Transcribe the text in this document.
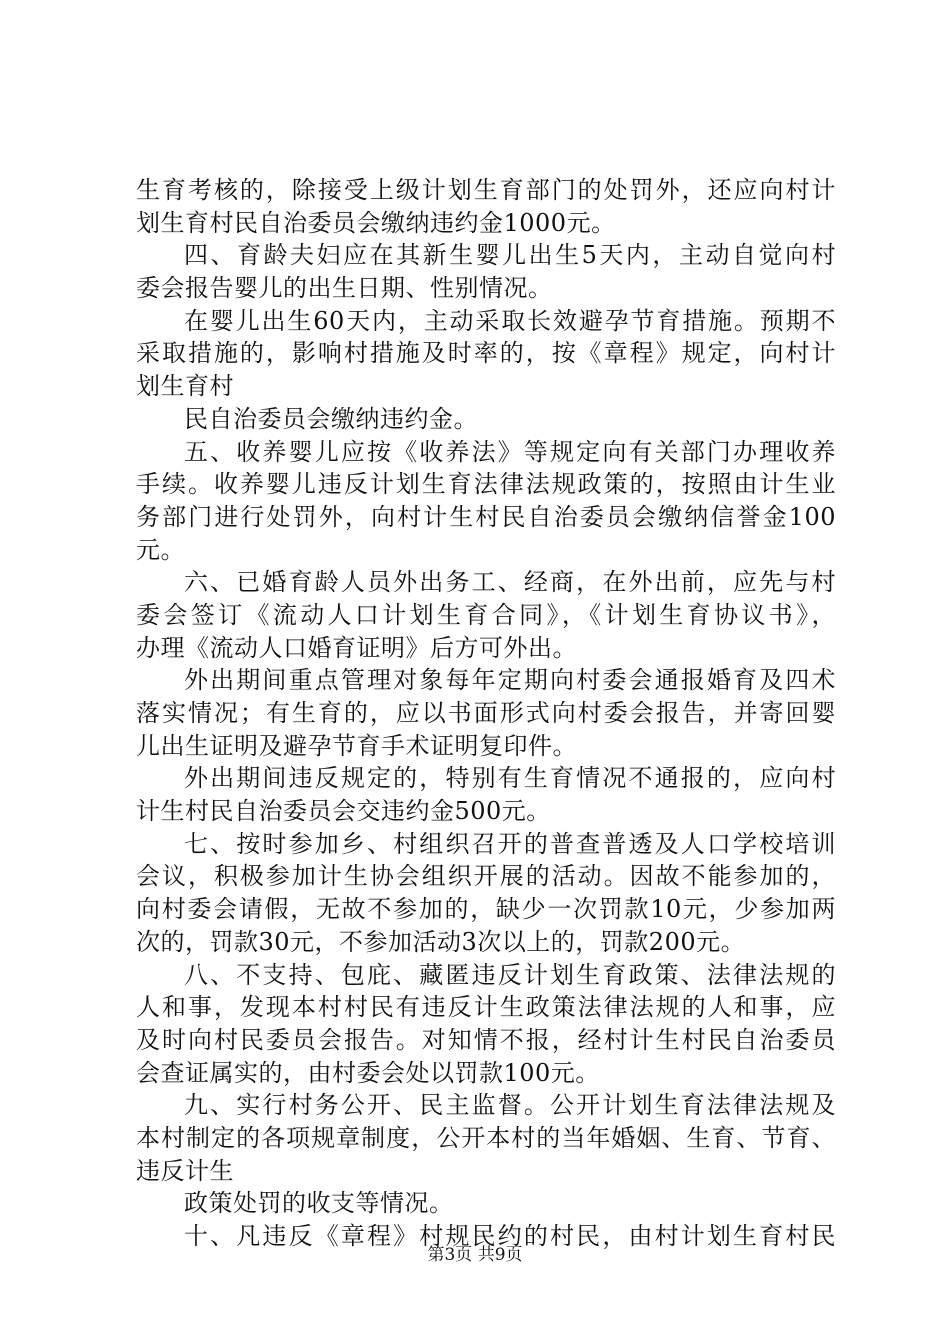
生育考核的，除接受上级计划生育部门的处罚外，还应向村计
划生育村民自治委员会缴纳违约金1000元。
四、育龄夫妇应在其新生婴儿出生5天内，主动自觉向村
委会报告婴儿的出生日期、性别情况。
在婴儿出生60天内，主动采取长效避孕节育措施。预期不
采取措施的，影响村措施及时率的，按《章程》规定，向村计
划生育村
民自治委员会缴纳违约金。
五、收养婴儿应按《收养法》等规定向有关部门办理收养
手续。收养婴儿违反计划生育法律法规政策的，按照由计生业
务部门进行处罚外，向村计生村民自治委员会缴纳信誉金100
元。
六、已婚育龄人员外出务工、经商，在外出前，应先与村
委会签订《流动人口计划生育合同》，《计划生育协议书》，
办理《流动人口婚育证明》后方可外出。
外出期间重点管理对象每年定期向村委会通报婚育及四术
落实情况；有生育的，应以书面形式向村委会报告，并寄回婴
儿出生证明及避孕节育手术证明复印件。
外出期间违反规定的，特别有生育情况不通报的，应向村
计生村民自治委员会交违约金500元。
七、按时参加乡、村组织召开的普查普透及人口学校培训
会议，积极参加计生协会组织开展的活动。因故不能参加的，
向村委会请假，无故不参加的，缺少一次罚款10元，少参加两
次的，罚款30元，不参加活动3次以上的，罚款200元。
八、不支持、包庇、藏匿违反计划生育政策、法律法规的
人和事，发现本村村民有违反计生政策法律法规的人和事，应
及时向村民委员会报告。对知情不报，经村计生村民自治委员
会查证属实的，由村委会处以罚款100元。
九、实行村务公开、民主监督。公开计划生育法律法规及
本村制定的各项规章制度，公开本村的当年婚姻、生育、节育、
违反计生
政策处罚的收支等情况。
十、凡违反《章程》村规民约的村民，由村计划生育村民
第3页 共9页
